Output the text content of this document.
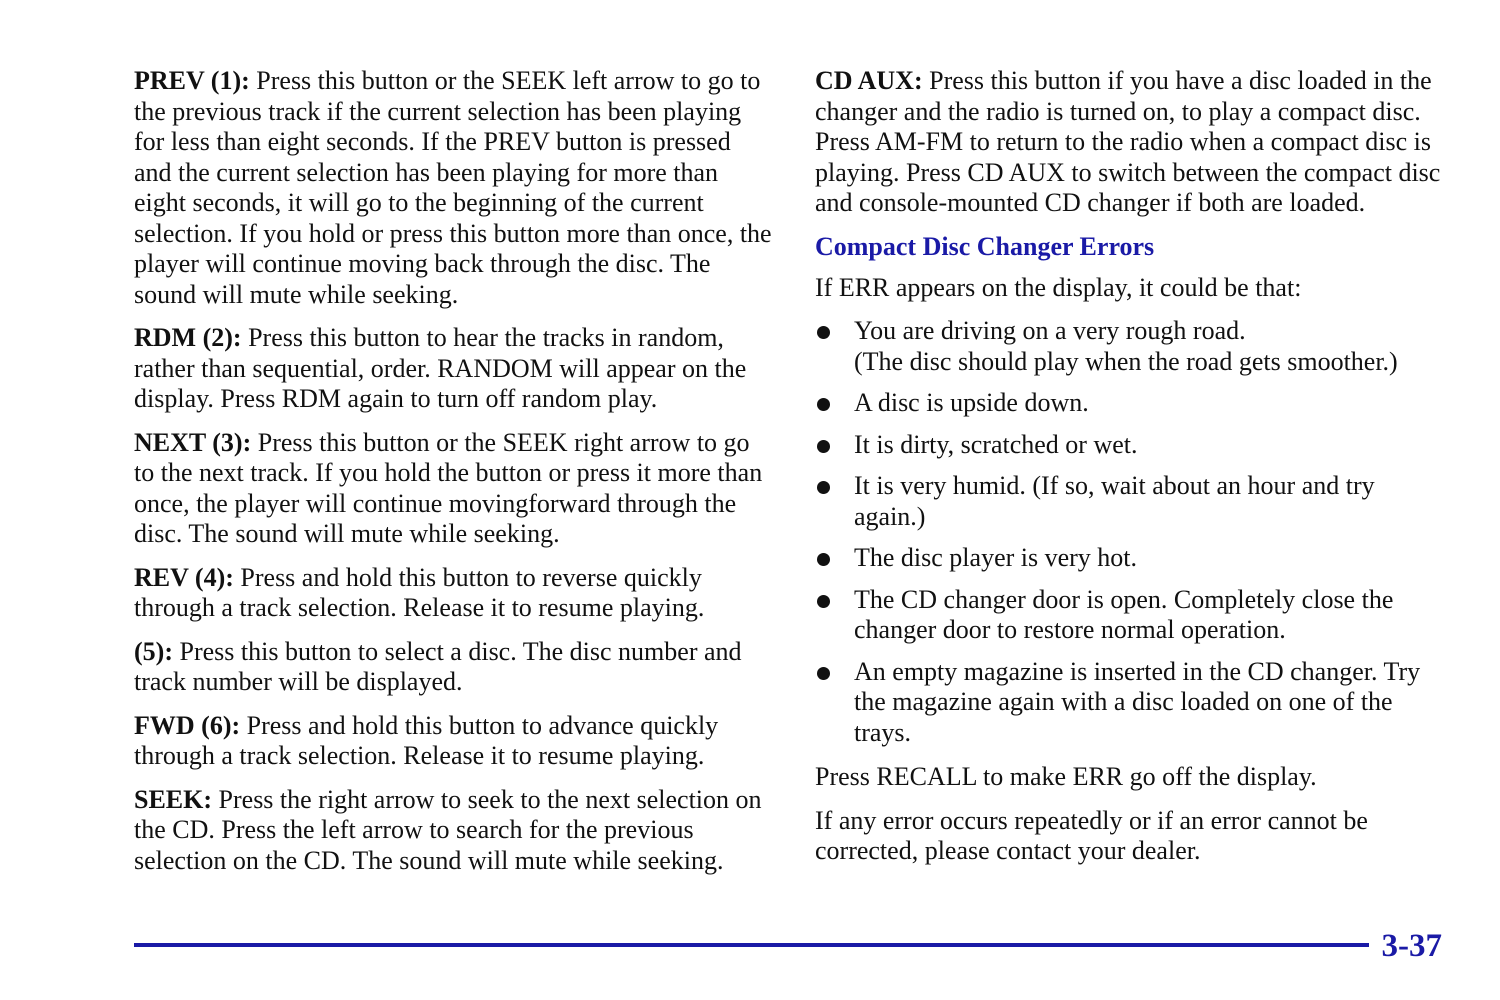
PREV (1): Press this button or the SEEK left arrow to go to the previous track if the current selection has been playing for less than eight seconds. If the PREV button is pressed and the current selection has been playing for more than eight seconds, it will go to the beginning of the current selection. If you hold or press this button more than once, the player will continue moving back through the disc. The sound will mute while seeking.

RDM (2): Press this button to hear the tracks in random, rather than sequential, order. RANDOM will appear on the display. Press RDM again to turn off random play.

NEXT (3): Press this button or the SEEK right arrow to go to the next track. If you hold the button or press it more than once, the player will continue movingforward through the disc. The sound will mute while seeking.

REV (4): Press and hold this button to reverse quickly through a track selection. Release it to resume playing.

(5): Press this button to select a disc. The disc number and track number will be displayed.

FWD (6): Press and hold this button to advance quickly through a track selection. Release it to resume playing.

SEEK: Press the right arrow to seek to the next selection on the CD. Press the left arrow to search for the previous selection on the CD. The sound will mute while seeking.

CD AUX: Press this button if you have a disc loaded in the changer and the radio is turned on, to play a compact disc. Press AM-FM to return to the radio when a compact disc is playing. Press CD AUX to switch between the compact disc and console-mounted CD changer if both are loaded.

Compact Disc Changer Errors

If ERR appears on the display, it could be that:

You are driving on a very rough road.
(The disc should play when the road gets smoother.)
A disc is upside down.
It is dirty, scratched or wet.
It is very humid. (If so, wait about an hour and try again.)
The disc player is very hot.
The CD changer door is open. Completely close the changer door to restore normal operation.
An empty magazine is inserted in the CD changer. Try the magazine again with a disc loaded on one of the trays.

Press RECALL to make ERR go off the display.

If any error occurs repeatedly or if an error cannot be corrected, please contact your dealer.

3-37
